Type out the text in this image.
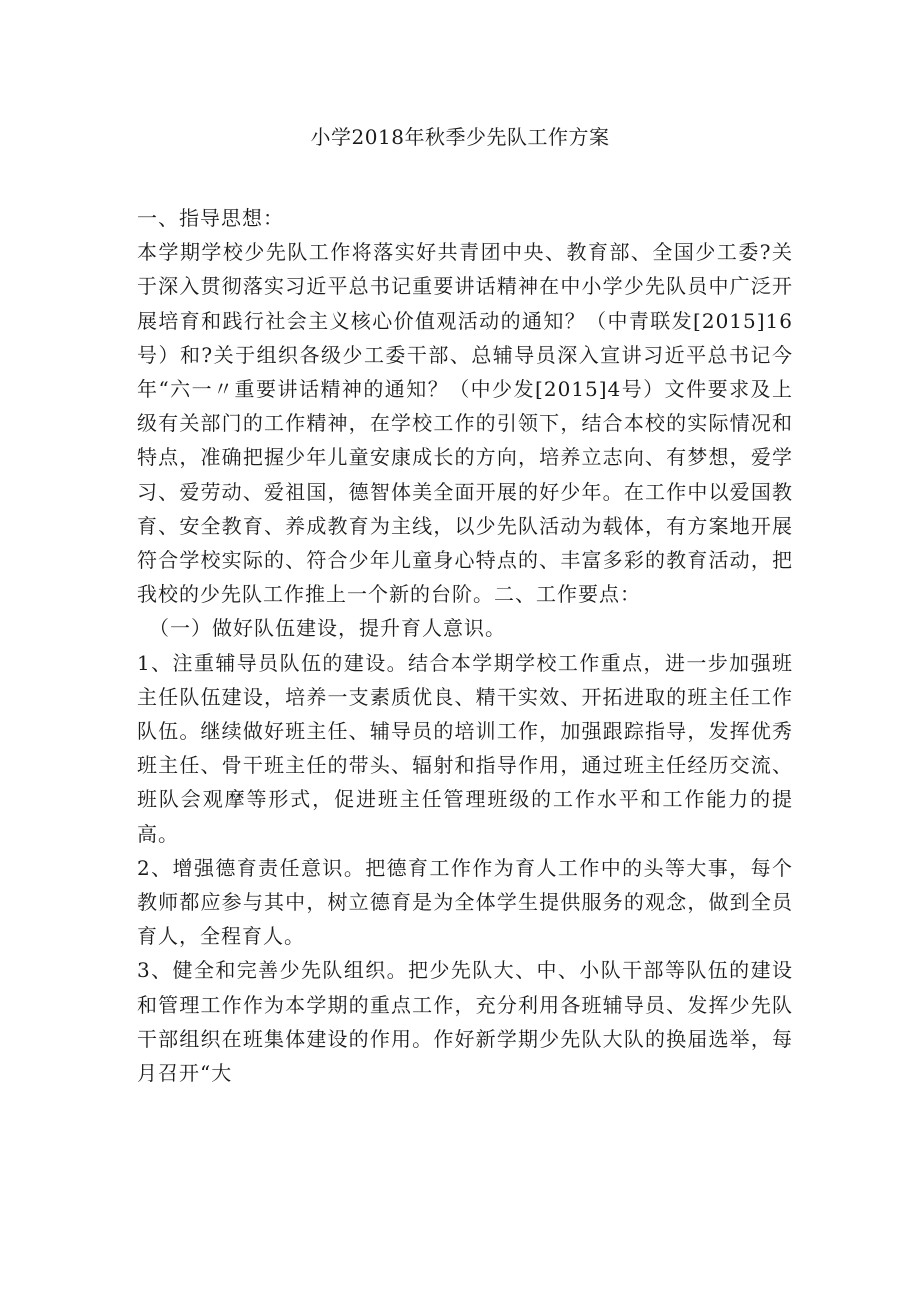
小学2018年秋季少先队工作方案

一、指导思想：

本学期学校少先队工作将落实好共青团中央、教育部、全国少工委?关于深入贯彻落实习近平总书记重要讲话精神在中小学少先队员中广泛开展培育和践行社会主义核心价值观活动的通知？（中青联发[2015]16号）和?关于组织各级少工委干部、总辅导员深入宣讲习近平总书记今年“六一〃重要讲话精神的通知？（中少发[2015]4号）文件要求及上级有关部门的工作精神，在学校工作的引领下，结合本校的实际情况和特点，准确把握少年儿童安康成长的方向，培养立志向、有梦想，爱学习、爱劳动、爱祖国，德智体美全面开展的好少年。在工作中以爱国教育、安全教育、养成教育为主线，以少先队活动为载体，有方案地开展符合学校实际的、符合少年儿童身心特点的、丰富多彩的教育活动，把我校的少先队工作推上一个新的台阶。二、工作要点：

（一）做好队伍建设，提升育人意识。

1、注重辅导员队伍的建设。结合本学期学校工作重点，进一步加强班主任队伍建设，培养一支素质优良、精干实效、开拓进取的班主任工作队伍。继续做好班主任、辅导员的培训工作，加强跟踪指导，发挥优秀班主任、骨干班主任的带头、辐射和指导作用，通过班主任经历交流、班队会观摩等形式，促进班主任管理班级的工作水平和工作能力的提高。

2、增强德育责任意识。把德育工作作为育人工作中的头等大事，每个教师都应参与其中，树立德育是为全体学生提供服务的观念，做到全员育人，全程育人。

3、健全和完善少先队组织。把少先队大、中、小队干部等队伍的建设和管理工作作为本学期的重点工作，充分利用各班辅导员、发挥少先队干部组织在班集体建设的作用。作好新学期少先队大队的换届选举，每月召开“大
